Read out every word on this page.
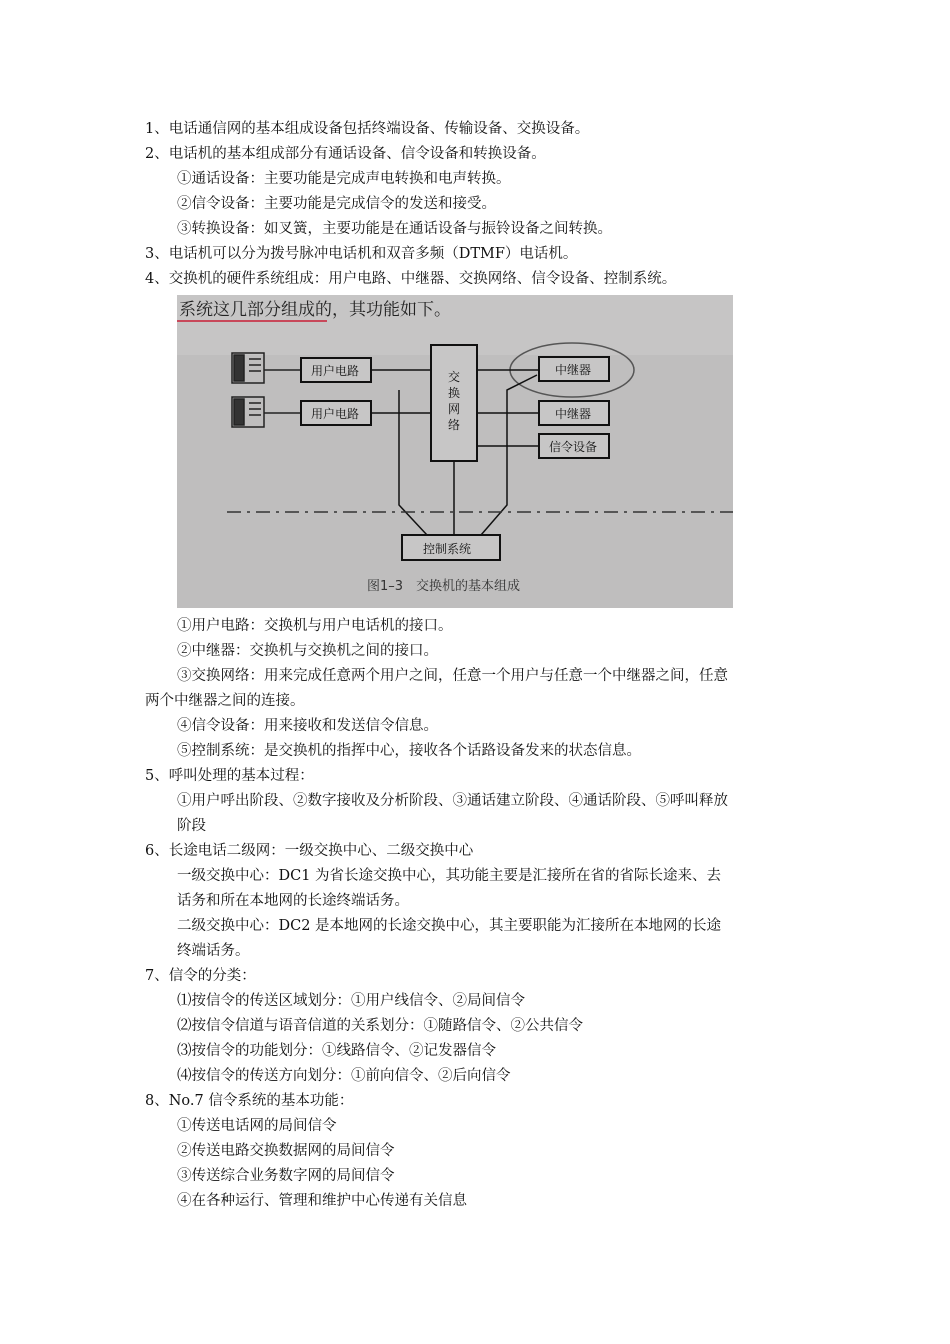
1、电话通信网的基本组成设备包括终端设备、传输设备、交换设备。
2、电话机的基本组成部分有通话设备、信令设备和转换设备。
①通话设备：主要功能是完成声电转换和电声转换。
②信令设备：主要功能是完成信令的发送和接受。
③转换设备：如叉簧，主要功能是在通话设备与振铃设备之间转换。
3、电话机可以分为拨号脉冲电话机和双音多频（DTMF）电话机。
4、交换机的硬件系统组成：用户电路、中继器、交换网络、信令设备、控制系统。
系统这几部分组成的，其功能如下。
用户电路
用户电路
交
换
网
络
中继器
中继器
信令设备
控制系统
图1–3　交换机的基本组成
①用户电路：交换机与用户电话机的接口。
②中继器：交换机与交换机之间的接口。
③交换网络：用来完成任意两个用户之间，任意一个用户与任意一个中继器之间，任意
两个中继器之间的连接。
④信令设备：用来接收和发送信令信息。
⑤控制系统：是交换机的指挥中心，接收各个话路设备发来的状态信息。
5、呼叫处理的基本过程：
①用户呼出阶段、②数字接收及分析阶段、③通话建立阶段、④通话阶段、⑤呼叫释放
阶段
6、长途电话二级网：一级交换中心、二级交换中心
一级交换中心：DC1 为省长途交换中心，其功能主要是汇接所在省的省际长途来、去
话务和所在本地网的长途终端话务。
二级交换中心：DC2 是本地网的长途交换中心，其主要职能为汇接所在本地网的长途
终端话务。
7、信令的分类：
⑴按信令的传送区域划分：①用户线信令、②局间信令
⑵按信令信道与语音信道的关系划分：①随路信令、②公共信令
⑶按信令的功能划分：①线路信令、②记发器信令
⑷按信令的传送方向划分：①前向信令、②后向信令
8、No.7 信令系统的基本功能：
①传送电话网的局间信令
②传送电路交换数据网的局间信令
③传送综合业务数字网的局间信令
④在各种运行、管理和维护中心传递有关信息
